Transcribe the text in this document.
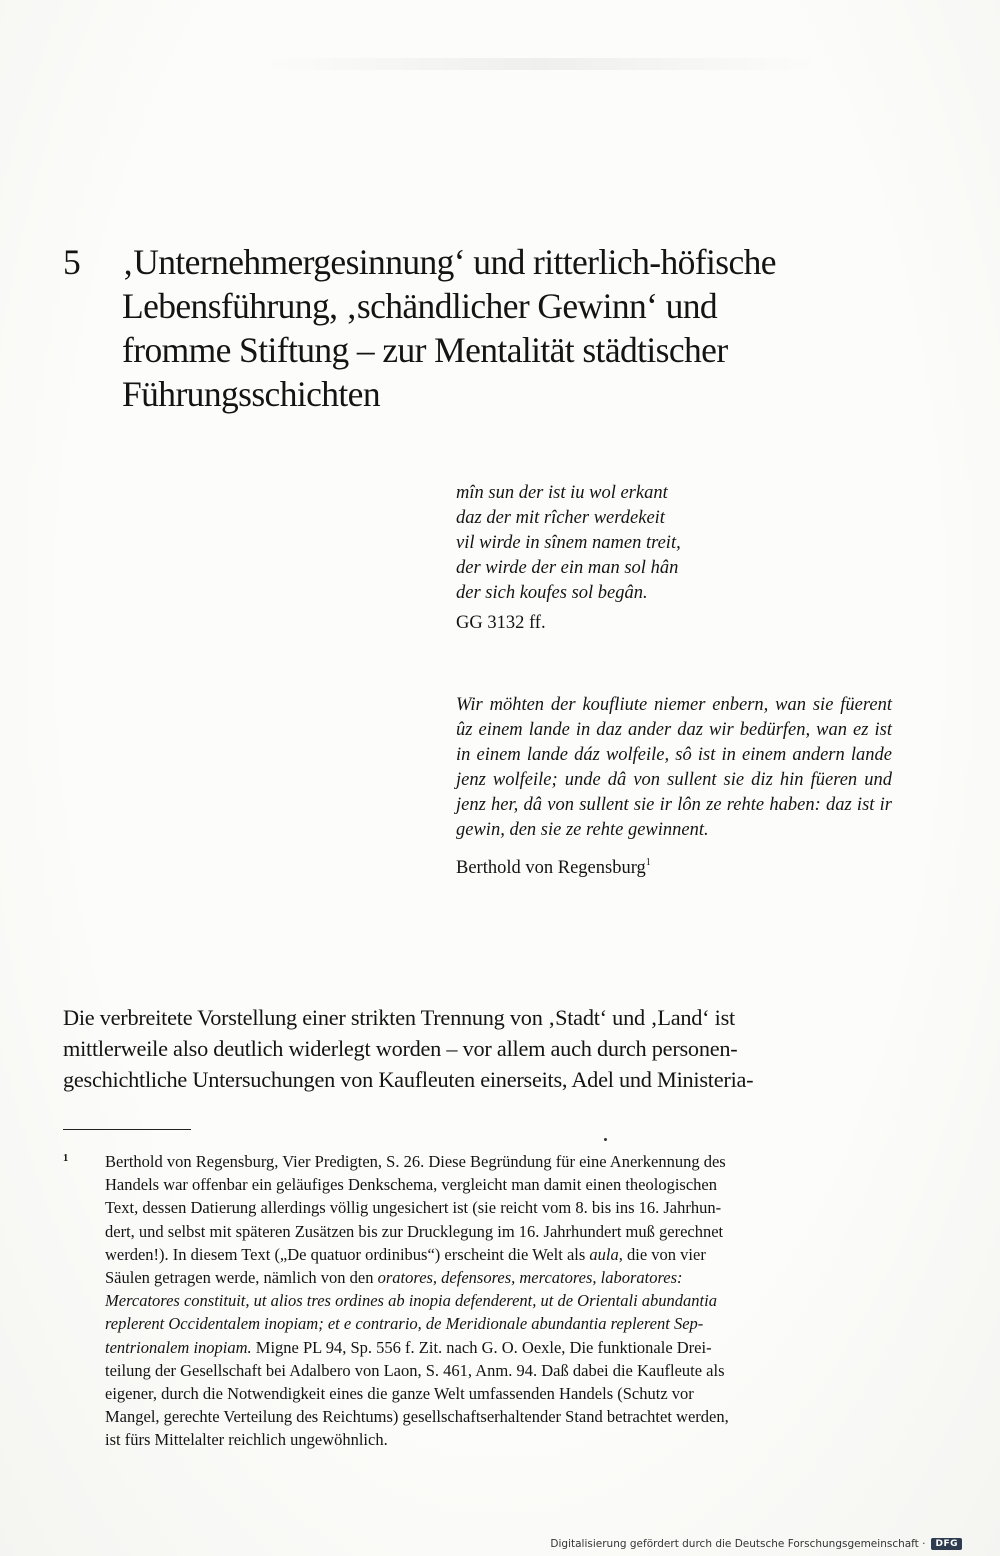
5	‚Unternehmergesinnung‘ und ritterlich-höfische
Lebensführung, ‚schändlicher Gewinn‘ und
fromme Stiftung – zur Mentalität städtischer
Führungsschichten
mîn sun der ist iu wol erkant
daz der mit rîcher werdekeit
vil wirde in sînem namen treit,
der wirde der ein man sol hân
der sich koufes sol begân.
GG 3132 ff.
Wir möhten der koufliute niemer enbern, wan sie füerent ûz einem lande in daz ander daz wir bedürfen, wan ez ist in einem lande dáz wolfeile, sô ist in einem andern lande jenz wolfeile; unde dâ von sullent sie diz hin füeren und jenz her, dâ von sullent sie ir lôn ze rehte haben: daz ist ir gewin, den sie ze rehte gewinnent.
Berthold von Regensburg$^1$

Die verbreitete Vorstellung einer strikten Trennung von ‚Stadt‘ und ‚Land‘ ist
mittlerweile also deutlich widerlegt worden – vor allem auch durch personen-
geschichtliche Untersuchungen von Kaufleuten einerseits, Adel und Ministeria-

1	Berthold von Regensburg, Vier Predigten, S. 26. Diese Begründung für eine Anerkennung des
Handels war offenbar ein geläufiges Denkschema, vergleicht man damit einen theologischen
Text, dessen Datierung allerdings völlig ungesichert ist (sie reicht vom 8. bis ins 16. Jahrhun-
dert, und selbst mit späteren Zusätzen bis zur Drucklegung im 16. Jahrhundert muß gerechnet
werden!). In diesem Text („De quatuor ordinibus“) erscheint die Welt als aula, die von vier
Säulen getragen werde, nämlich von den oratores, defensores, mercatores, laboratores:
Mercatores constituit, ut alios tres ordines ab inopia defenderent, ut de Orientali abundantia
replerent Occidentalem inopiam; et e contrario, de Meridionale abundantia replerent Sep-
tentrionalem inopiam. Migne PL 94, Sp. 556 f. Zit. nach G. O. Oexle, Die funktionale Drei-
teilung der Gesellschaft bei Adalbero von Laon, S. 461, Anm. 94. Daß dabei die Kaufleute als
eigener, durch die Notwendigkeit eines die ganze Welt umfassenden Handels (Schutz vor
Mangel, gerechte Verteilung des Reichtums) gesellschaftserhaltender Stand betrachtet werden,
ist fürs Mittelalter reichlich ungewöhnlich.
Digitalisierung gefördert durch die Deutsche Forschungsgemeinschaft ·	DFG
